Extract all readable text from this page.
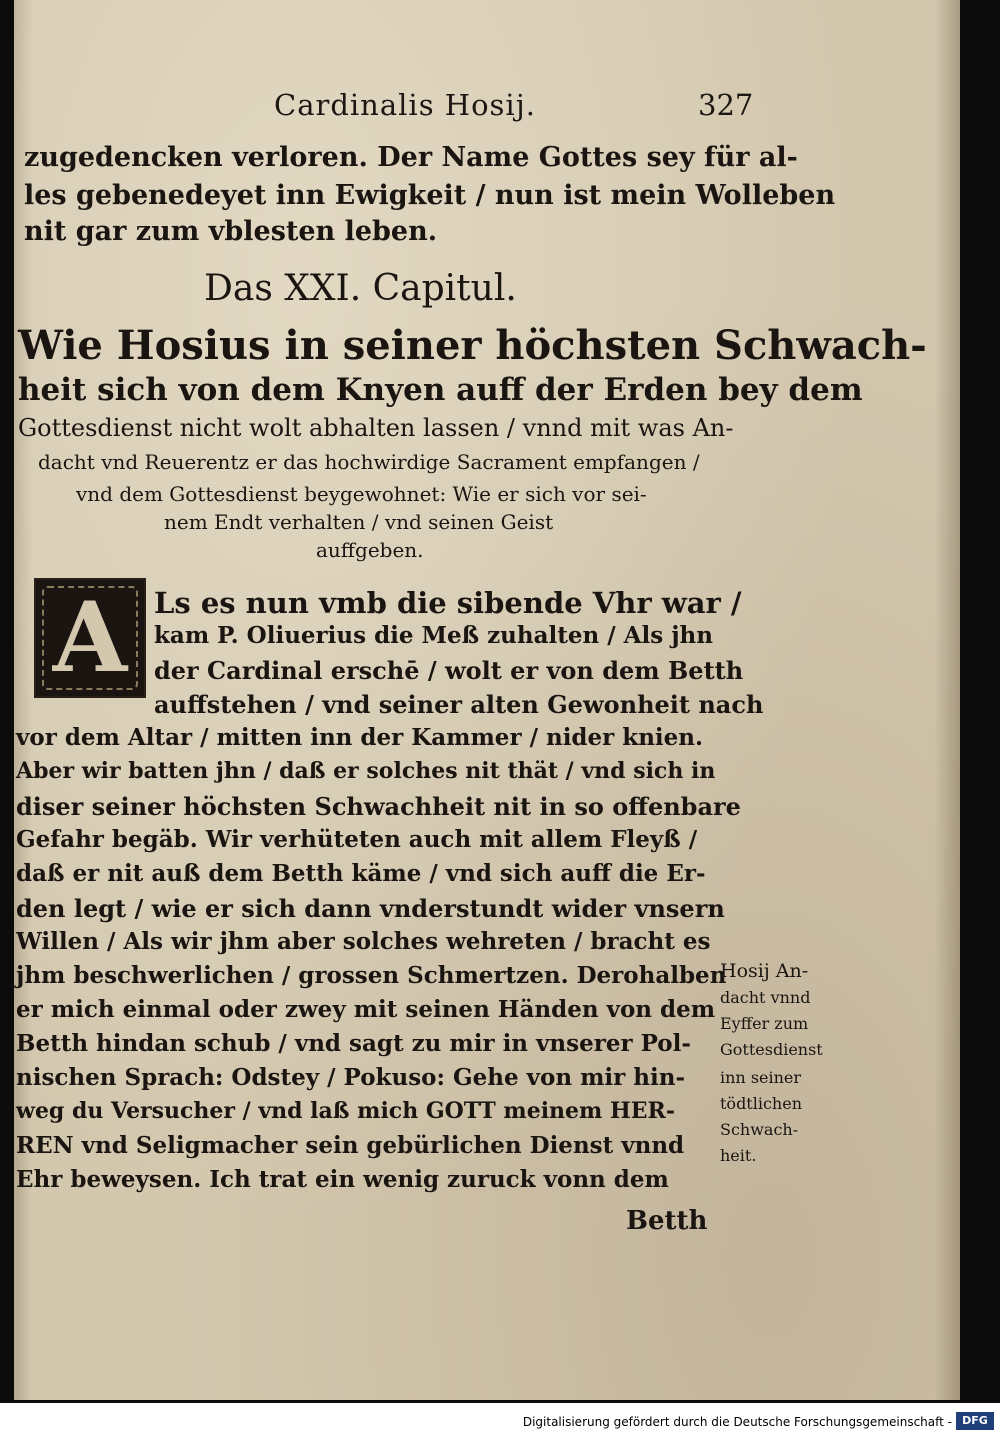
Cardinalis Hosij.	327
zugedencken verloren. Der Name Gottes sey für al-
les gebenedeyet inn Ewigkeit / nun ist mein Wolleben
nit gar zum vblesten leben.
Das XXI. Capitul.
Wie Hosius in seiner höchsten Schwach-
heit sich von dem Knyen auff der Erden bey dem
Gottesdienst nicht wolt abhalten lassen / vnnd mit was An-
dacht vnd Reuerentz er das hochwirdige Sacrament empfangen /
vnd dem Gottesdienst beygewohnet: Wie er sich vor sei-
nem Endt verhalten / vnd seinen Geist
auffgeben.
A Ls es nun vmb die sibende Vhr war /
kam P. Oliuerius die Meß zuhalten / Als jhn
der Cardinal erschē / wolt er von dem Betth
auffstehen / vnd seiner alten Gewonheit nach
vor dem Altar / mitten inn der Kammer / nider knien.
Aber wir batten jhn / daß er solches nit thät / vnd sich in
diser seiner höchsten Schwachheit nit in so offenbare
Gefahr begäb. Wir verhüteten auch mit allem Fleyß /
daß er nit auß dem Betth käme / vnd sich auff die Er-
den legt / wie er sich dann vnderstundt wider vnsern
Willen / Als wir jhm aber solches wehreten / bracht es
jhm beschwerlichen / grossen Schmertzen. Derohalben
er mich einmal oder zwey mit seinen Händen von dem
Betth hindan schub / vnd sagt zu mir in vnserer Pol-
nischen Sprach: Odstey / Pokuso: Gehe von mir hin-
weg du Versucher / vnd laß mich GOTT meinem HER-
REN vnd Seligmacher sein gebürlichen Dienst vnnd
Ehr beweysen. Ich trat ein wenig zuruck vonn dem
Betth
Hosij An-
dacht vnnd
Eyffer zum
Gottesdienst
inn seiner
tödtlichen
Schwach-
heit.
Digitalisierung gefördert durch die Deutsche Forschungsgemeinschaft - DFG
